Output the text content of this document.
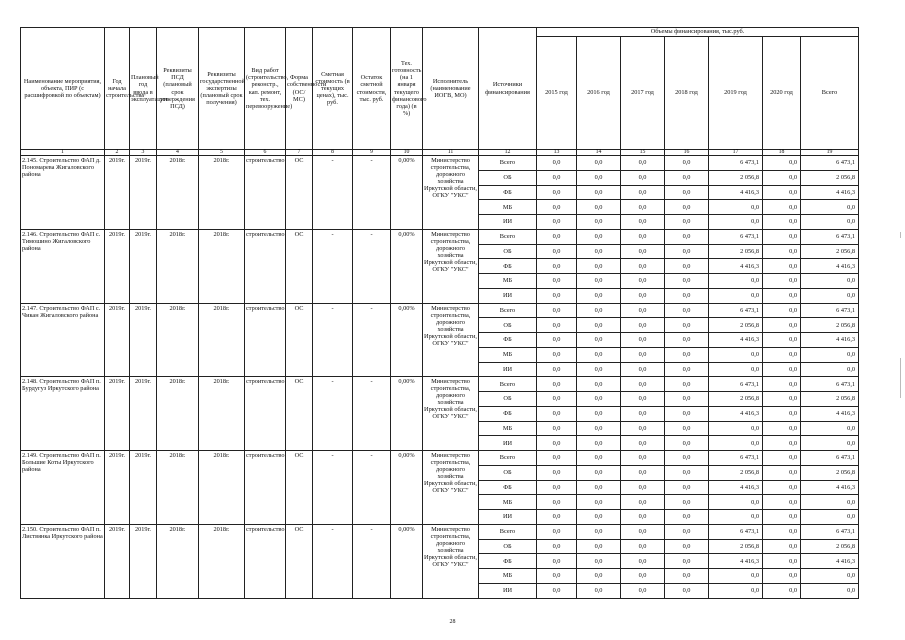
Наименование мероприятия, объекта, ПИР (с расшифровкой по объектам)	Год начала строительства	Плановый год ввода в эксплуатацию	Реквизиты ПСД (плановый срок утверждения ПСД)	Реквизиты государственной экспертизы (плановый срок получения)	Вид работ (строительство, реконстр., кап. ремонт, тех. перевооружение)	Форма собственности (ОС/МС)	Сметная стоимость (в текущих ценах), тыс. руб.	Остаток сметной стоимости, тыс. руб.	Тех. готовность (на 1 января текущего финансового года) (в %)	Исполнитель (наименование ИОГВ, МО)	Источники финансирования	Объемы финансирования, тыс.руб.						
												2015 год	2016 год	2017 год	2018 год	2019 год	2020 год	Всего
1	2	3	4	5	6	7	8	9	10	11	12	13	14	15	16	17	18	19
2.145. Строительство ФАП д. Пономарева Жигаловского района	2019г.	2019г.	2018г.	2018г.	строительство	ОС	-	-	0,00%	Министерство строительства, дорожного хозяйства Иркутской области, ОГКУ "УКС"	Всего	0,0	0,0	0,0	0,0	6 473,1	0,0	6 473,1
											ОБ	0,0	0,0	0,0	0,0	2 056,8	0,0	2 056,8
											ФБ	0,0	0,0	0,0	0,0	4 416,3	0,0	4 416,3
											МБ	0,0	0,0	0,0	0,0	0,0	0,0	0,0
											ИИ	0,0	0,0	0,0	0,0	0,0	0,0	0,0
2.146. Строительство ФАП с. Тимошино Жигаловского района	2019г.	2019г.	2018г.	2018г.	строительство	ОС	-	-	0,00%	Министерство строительства, дорожного хозяйства Иркутской области, ОГКУ "УКС"	Всего	0,0	0,0	0,0	0,0	6 473,1	0,0	6 473,1
											ОБ	0,0	0,0	0,0	0,0	2 056,8	0,0	2 056,8
											ФБ	0,0	0,0	0,0	0,0	4 416,3	0,0	4 416,3
											МБ	0,0	0,0	0,0	0,0	0,0	0,0	0,0
											ИИ	0,0	0,0	0,0	0,0	0,0	0,0	0,0
2.147. Строительство ФАП с. Чикан Жигаловского района	2019г.	2019г.	2018г.	2018г.	строительство	ОС	-	-	0,00%	Министерство строительства, дорожного хозяйства Иркутской области, ОГКУ "УКС"	Всего	0,0	0,0	0,0	0,0	6 473,1	0,0	6 473,1
											ОБ	0,0	0,0	0,0	0,0	2 056,8	0,0	2 056,8
											ФБ	0,0	0,0	0,0	0,0	4 416,3	0,0	4 416,3
											МБ	0,0	0,0	0,0	0,0	0,0	0,0	0,0
											ИИ	0,0	0,0	0,0	0,0	0,0	0,0	0,0
2.148. Строительство ФАП п. Бурдугуз Иркутского района	2019г.	2019г.	2018г.	2018г.	строительство	ОС	-	-	0,00%	Министерство строительства, дорожного хозяйства Иркутской области, ОГКУ "УКС"	Всего	0,0	0,0	0,0	0,0	6 473,1	0,0	6 473,1
											ОБ	0,0	0,0	0,0	0,0	2 056,8	0,0	2 056,8
											ФБ	0,0	0,0	0,0	0,0	4 416,3	0,0	4 416,3
											МБ	0,0	0,0	0,0	0,0	0,0	0,0	0,0
											ИИ	0,0	0,0	0,0	0,0	0,0	0,0	0,0
2.149. Строительство ФАП п. Большие Коты Иркутского района	2019г.	2019г.	2018г.	2018г.	строительство	ОС	-	-	0,00%	Министерство строительства, дорожного хозяйства Иркутской области, ОГКУ "УКС"	Всего	0,0	0,0	0,0	0,0	6 473,1	0,0	6 473,1
											ОБ	0,0	0,0	0,0	0,0	2 056,8	0,0	2 056,8
											ФБ	0,0	0,0	0,0	0,0	4 416,3	0,0	4 416,3
											МБ	0,0	0,0	0,0	0,0	0,0	0,0	0,0
											ИИ	0,0	0,0	0,0	0,0	0,0	0,0	0,0
2.150. Строительство ФАП п. Листвянка Иркутского района	2019г.	2019г.	2018г.	2018г.	строительство	ОС	-	-	0,00%	Министерство строительства, дорожного хозяйства Иркутской области, ОГКУ "УКС"	Всего	0,0	0,0	0,0	0,0	6 473,1	0,0	6 473,1
											ОБ	0,0	0,0	0,0	0,0	2 056,8	0,0	2 056,8
											ФБ	0,0	0,0	0,0	0,0	4 416,3	0,0	4 416,3
											МБ	0,0	0,0	0,0	0,0	0,0	0,0	0,0
											ИИ	0,0	0,0	0,0	0,0	0,0	0,0	0,0
28
